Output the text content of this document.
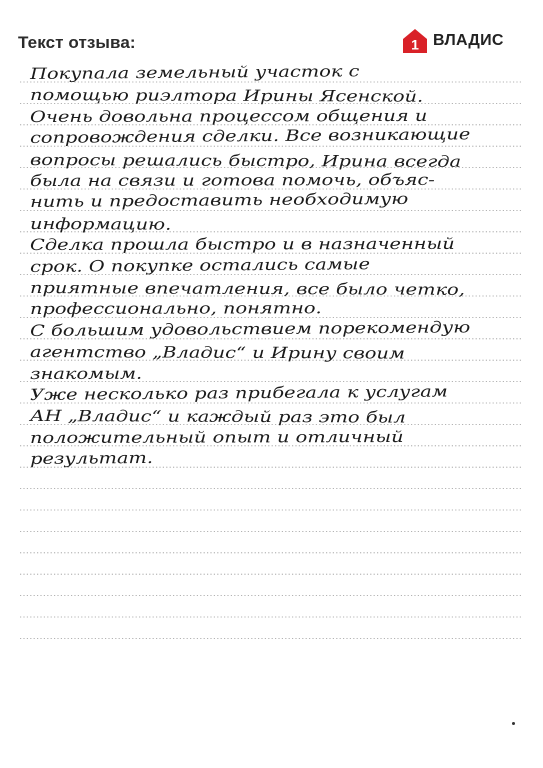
Текст отзыва:	1 ВЛАДИС
Покупала земельный участок с
помощью риэлтора Ирины Ясенской.
Очень довольна процессом общения и
сопровождения сделки. Все возникающие
вопросы решались быстро, Ирина всегда
была на связи и готова помочь, объяс-
нить и предоставить необходимую
информацию.
Сделка прошла быстро и в назначенный
срок. О покупке остались самые
приятные впечатления, все было четко,
профессионально, понятно.
С большим удовольствием порекомендую
агентство „Владис“ и Ирину своим
знакомым.
Уже несколько раз прибегала к услугам
АН „Владис“ и каждый раз это был
положительный опыт и отличный
результат.
